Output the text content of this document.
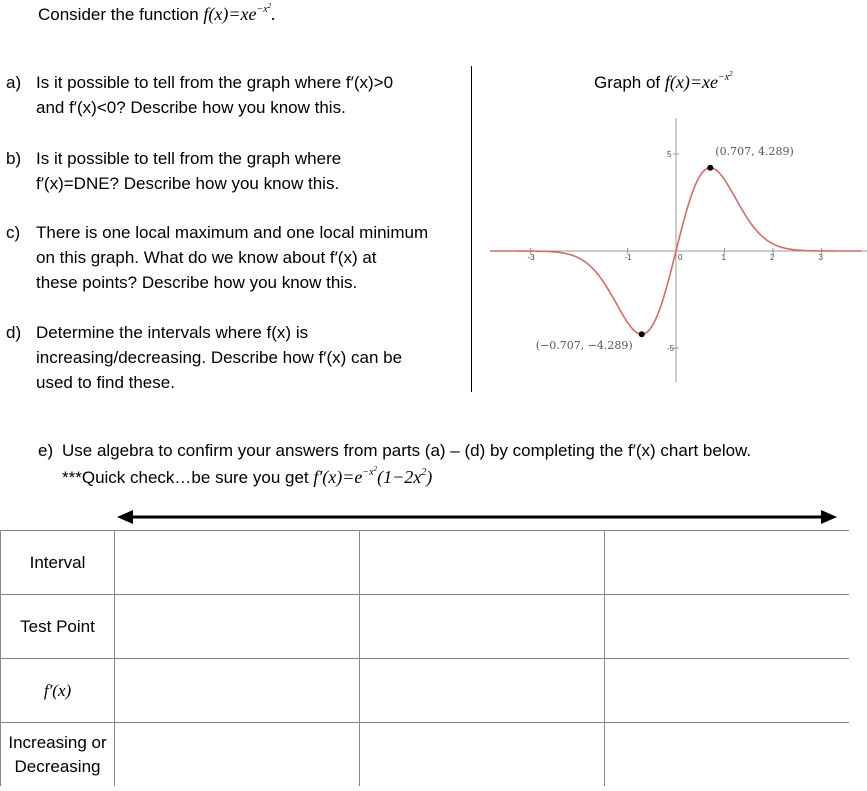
Consider the function $f(x)=xe^{-x^2}$.
a) Is it possible to tell from the graph where f′(x)>0
and f′(x)<0? Describe how you know this.
b) Is it possible to tell from the graph where
f′(x)=DNE? Describe how you know this.
c) There is one local maximum and one local minimum
on this graph. What do we know about f′(x) at
these points? Describe how you know this.
d) Determine the intervals where f(x) is
increasing/decreasing. Describe how f′(x) can be
used to find these.
Graph of $f(x)=xe^{-x^2}$
-3	-1	0	1	2	3
5
-5
(0.707, 4.289)
(−0.707, −4.289)
e) Use algebra to confirm your answers from parts (a) – (d) by completing the f′(x) chart below.
***Quick check…be sure you get $f'(x)=e^{-x^2}(1-2x^2)$
Interval			
Test Point			
f′(x)			

Increasing or
Decreasing			
